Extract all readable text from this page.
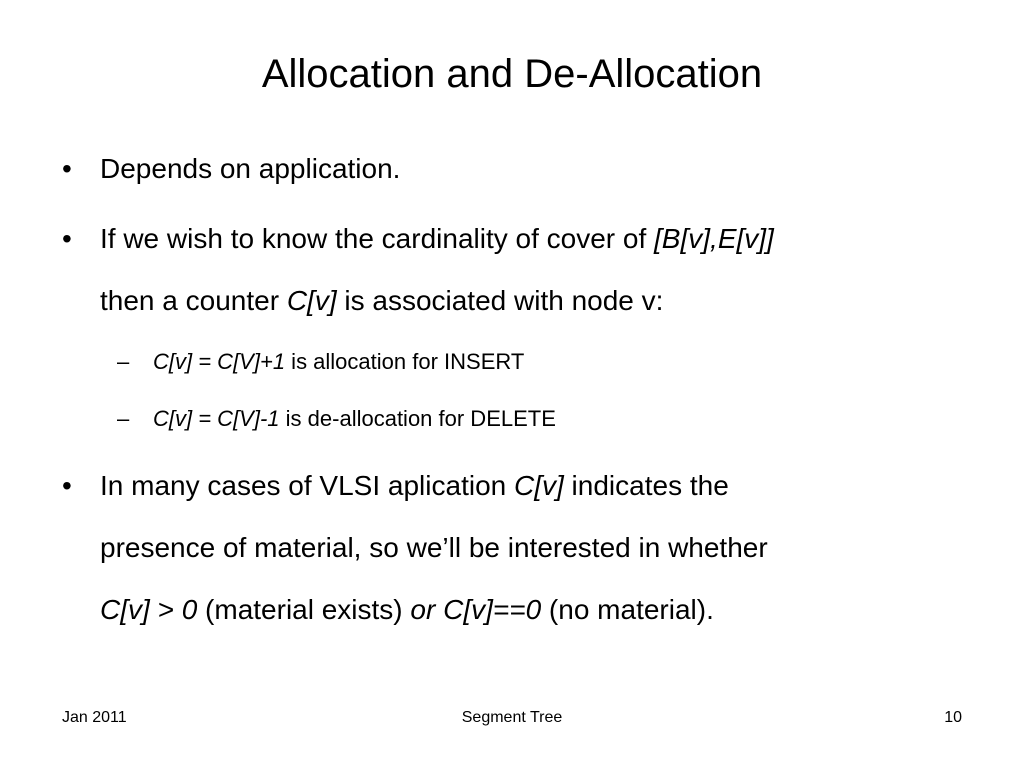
Allocation and De-Allocation
• Depends on application.
• If we wish to know the cardinality of cover of [B[v],E[v]]
then a counter C[v] is associated with node v:
– C[v] = C[V]+1 is allocation for INSERT
– C[v] = C[V]-1 is de-allocation for DELETE
• In many cases of VLSI aplication C[v] indicates the
presence of material, so we’ll be interested in whether
C[v] > 0 (material exists) or C[v]==0 (no material).
Jan 2011	Segment Tree	10
